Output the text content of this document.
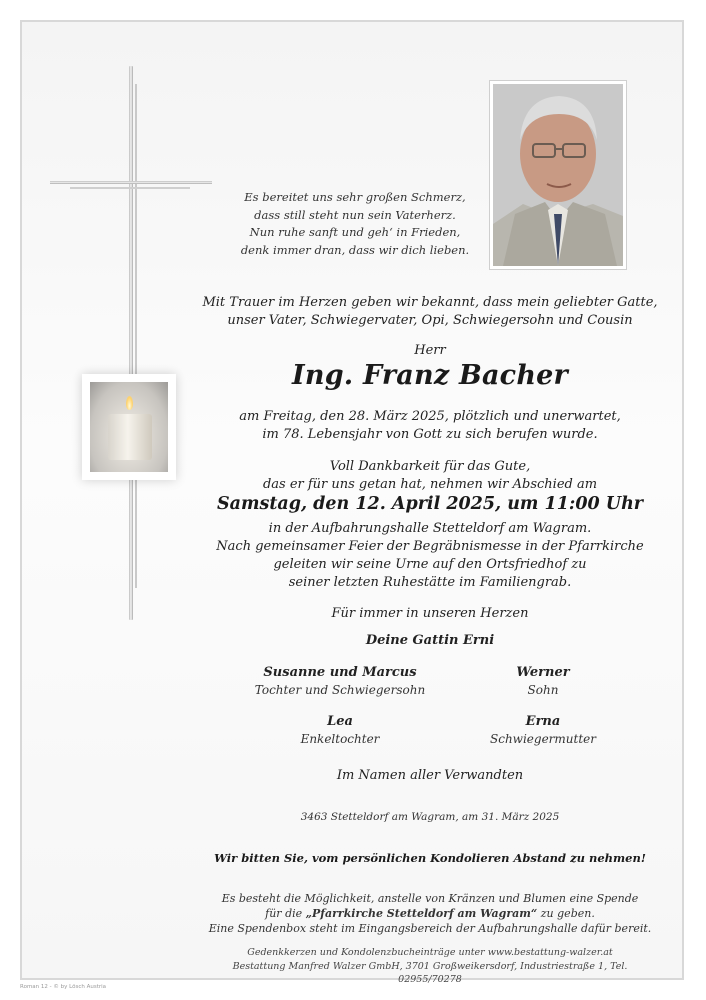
Es bereitet uns sehr großen Schmerz,
dass still steht nun sein Vaterherz.
Nun ruhe sanft und geh‘ in Frieden,
denk immer dran, dass wir dich lieben.
Mit Trauer im Herzen geben wir bekannt, dass mein geliebter Gatte,
unser Vater, Schwiegervater, Opi, Schwiegersohn und Cousin
Herr
Ing. Franz Bacher
am Freitag, den 28. März 2025, plötzlich und unerwartet,
im 78. Lebensjahr von Gott zu sich berufen wurde.
Voll Dankbarkeit für das Gute,
das er für uns getan hat, nehmen wir Abschied am
Samstag, den 12. April 2025, um 11:00 Uhr
in der Aufbahrungshalle Stetteldorf am Wagram.
Nach gemeinsamer Feier der Begräbnismesse in der Pfarrkirche
geleiten wir seine Urne auf den Ortsfriedhof zu
seiner letzten Ruhestätte im Familiengrab.
Für immer in unseren Herzen
Deine Gattin Erni
Susanne und Marcus
Tochter und Schwiegersohn
Werner
Sohn
Lea
Enkeltochter
Erna
Schwiegermutter
Im Namen aller Verwandten
3463 Stetteldorf am Wagram, am 31. März 2025
Wir bitten Sie, vom persönlichen Kondolieren Abstand zu nehmen!
Es besteht die Möglichkeit, anstelle von Kränzen und Blumen eine Spende
für die „Pfarrkirche Stetteldorf am Wagram“ zu geben.
Eine Spendenbox steht im Eingangsbereich der Aufbahrungshalle dafür bereit.
Gedenkkerzen und Kondolenzbucheinträge unter www.bestattung-walzer.at
Bestattung Manfred Walzer GmbH, 3701 Großweikersdorf, Industriestraße 1, Tel. 02955/70278
Roman 12 - © by Lösch Austria
